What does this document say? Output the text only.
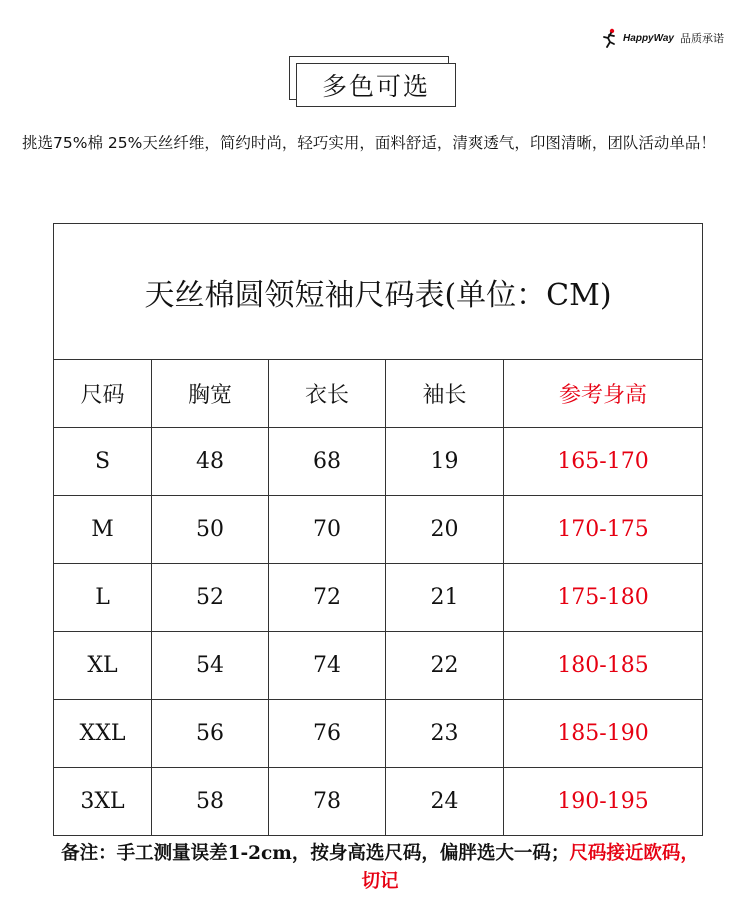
HappyWay 品质承诺
多色可选
挑选75%棉 25%天丝纤维，简约时尚，轻巧实用，面料舒适，清爽透气，印图清晰，团队活动单品！
天丝棉圆领短袖尺码表(单位：CM)				
尺码	胸宽	衣长	袖长	参考身高
S	48	68	19	165-170
M	50	70	20	170-175
L	52	72	21	175-180
XL	54	74	22	180-185
XXL	56	76	23	185-190
3XL	58	78	24	190-195
备注：手工测量误差1-2cm，按身高选尺码，偏胖选大一码；尺码接近欧码，切记
